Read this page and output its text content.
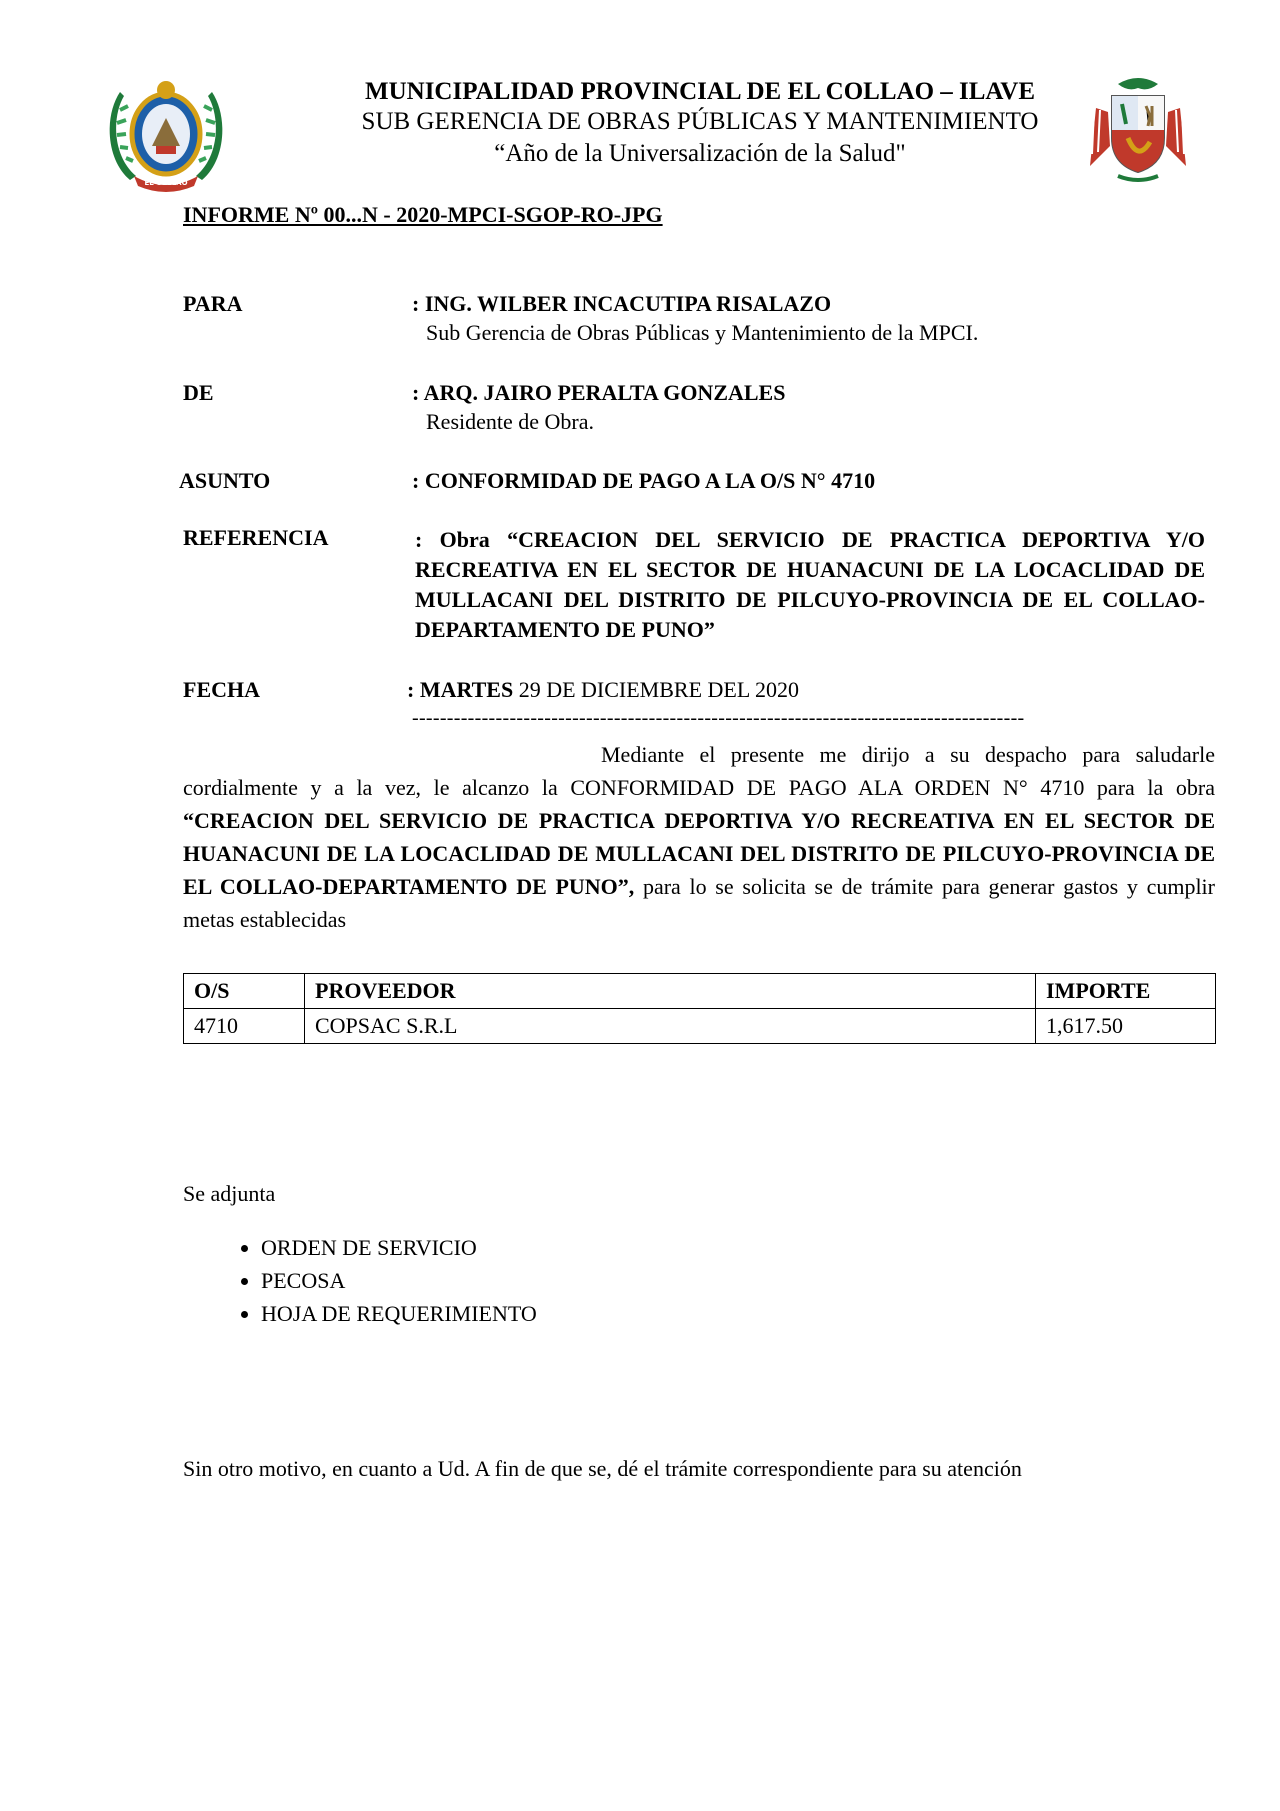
EL COLLAO
MUNICIPALIDAD PROVINCIAL DE EL COLLAO – ILAVE
SUB GERENCIA DE OBRAS PÚBLICAS Y MANTENIMIENTO
“Año de la Universalización de la Salud"
INFORME Nº 00...N - 2020-MPCI-SGOP-RO-JPG
PARA	: ING. WILBER INCACUTIPA RISALAZO
Sub Gerencia de Obras Públicas y Mantenimiento de la MPCI.
DE	: ARQ. JAIRO PERALTA GONZALES
Residente de Obra.
ASUNTO	: CONFORMIDAD DE PAGO A LA O/S N° 4710
REFERENCIA	: Obra “CREACION DEL SERVICIO DE PRACTICA DEPORTIVA Y/O RECREATIVA EN EL SECTOR DE HUANACUNI DE LA LOCACLIDAD DE MULLACANI DEL DISTRITO DE PILCUYO-PROVINCIA DE EL COLLAO-DEPARTAMENTO DE PUNO”
FECHA	: MARTES 29 DE DICIEMBRE DEL 2020
----------------------------------------------------------------------------------------
Mediante el presente me dirijo a su despacho para saludarle cordialmente y a la vez, le alcanzo la CONFORMIDAD DE PAGO ALA ORDEN N° 4710 para la obra “CREACION DEL SERVICIO DE PRACTICA DEPORTIVA Y/O RECREATIVA EN EL SECTOR DE HUANACUNI DE LA LOCACLIDAD DE MULLACANI DEL DISTRITO DE PILCUYO-PROVINCIA DE EL COLLAO-DEPARTAMENTO DE PUNO”, para lo se solicita se de trámite para generar gastos y cumplir metas establecidas
O/S	PROVEEDOR	IMPORTE
4710	COPSAC S.R.L	1,617.50
Se adjunta
• ORDEN DE SERVICIO
• PECOSA
• HOJA DE REQUERIMIENTO
Sin otro motivo, en cuanto a Ud. A fin de que se, dé el trámite correspondiente para su atención
